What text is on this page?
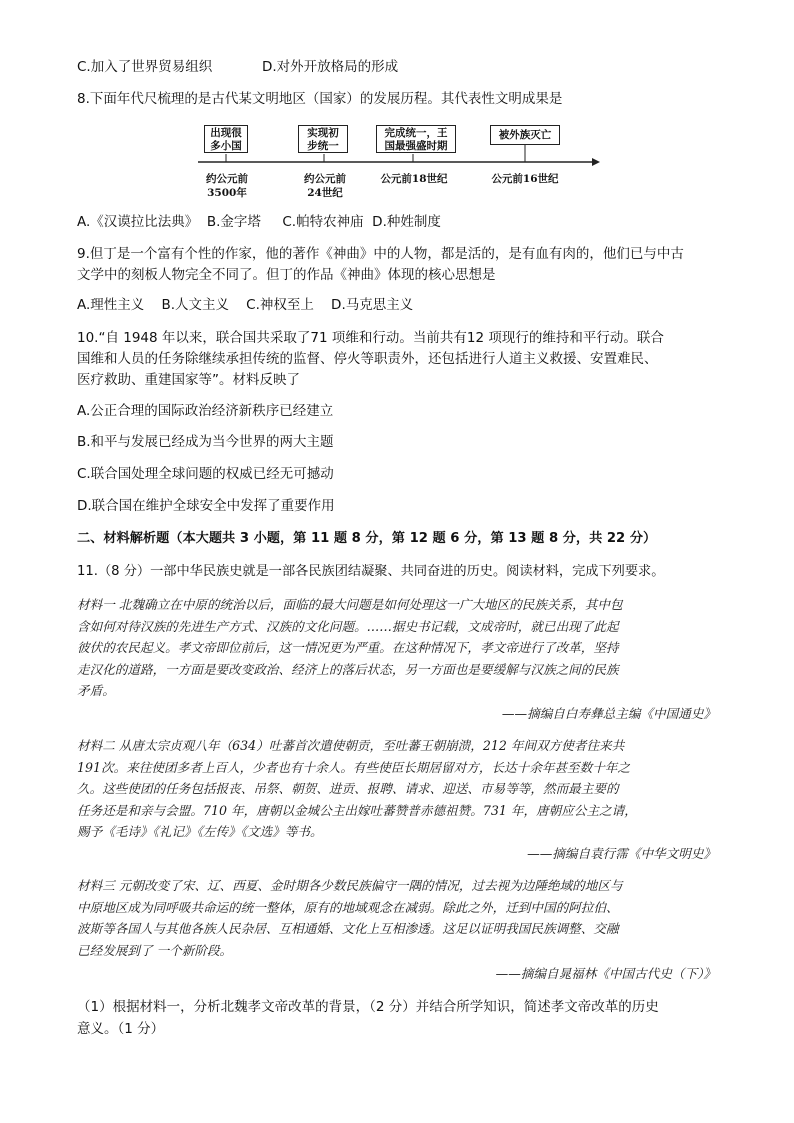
C.加入了世界贸易组织	D.对外开放格局的形成
8.下面年代尺梳理的是古代某文明地区（国家）的发展历程。其代表性文明成果是
出现很
多小国
实现初
步统一
完成统一，王
国最强盛时期
被外族灭亡
约公元前
3500年
约公元前
24世纪
公元前18世纪	公元前16世纪
A.《汉谟拉比法典》  B.金字塔     C.帕特农神庙  D.种姓制度
9.但丁是一个富有个性的作家，他的著作《神曲》中的人物，都是活的，是有血有肉的，他们已与中古
文学中的刻板人物完全不同了。但丁的作品《神曲》体现的核心思想是
A.理性主义    B.人文主义    C.神权至上    D.马克思主义
10.“自 1948 年以来，联合国共采取了71 项维和行动。当前共有12 项现行的维持和平行动。联合
国维和人员的任务除继续承担传统的监督、停火等职责外，还包括进行人道主义救援、安置难民、
医疗救助、重建国家等”。材料反映了
A.公正合理的国际政治经济新秩序已经建立
B.和平与发展已经成为当今世界的两大主题
C.联合国处理全球问题的权威已经无可撼动
D.联合国在维护全球安全中发挥了重要作用
二、材料解析题（本大题共 3 小题，第 11 题 8 分，第 12 题 6 分，第 13 题 8 分，共 22 分）
11.（8 分）一部中华民族史就是一部各民族团结凝聚、共同奋进的历史。阅读材料，完成下列要求。
材料一 北魏确立在中原的统治以后，面临的最大问题是如何处理这一广大地区的民族关系，其中包
含如何对待汉族的先进生产方式、汉族的文化问题。……据史书记载，文成帝时，就已出现了此起
彼伏的农民起义。孝文帝即位前后，这一情况更为严重。在这种情况下，孝文帝进行了改革，坚持
走汉化的道路，一方面是要改变政治、经济上的落后状态，另一方面也是要缓解与汉族之间的民族
矛盾。
——摘编自白寿彝总主编《中国通史》
材料二 从唐太宗贞观八年（634）吐蕃首次遣使朝贡，至吐蕃王朝崩溃，212 年间双方使者往来共
191次。来往使团多者上百人，少者也有十余人。有些使臣长期居留对方，长达十余年甚至数十年之
久。这些使团的任务包括报丧、吊祭、朝贺、进贡、报聘、请求、迎送、市易等等，然而最主要的
任务还是和亲与会盟。710 年，唐朝以金城公主出嫁吐蕃赞普赤德祖赞。731 年，唐朝应公主之请，
赐予《毛诗》《礼记》《左传》《文选》等书。
——摘编自袁行霈《中华文明史》
材料三 元朝改变了宋、辽、西夏、金时期各少数民族偏守一隅的情况，过去视为边陲绝域的地区与
中原地区成为同呼吸共命运的统一整体，原有的地域观念在减弱。除此之外，迁到中国的阿拉伯、
波斯等各国人与其他各族人民杂居、互相通婚、文化上互相渗透。这足以证明我国民族调整、交融
已经发展到了 一个新阶段。
——摘编自晁福林《中国古代史（下）》
（1）根据材料一，分析北魏孝文帝改革的背景，（2 分）并结合所学知识，简述孝文帝改革的历史
意义。（1 分）
